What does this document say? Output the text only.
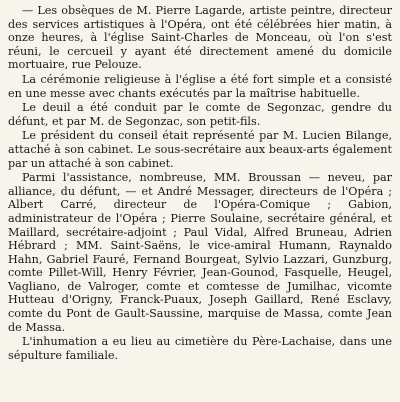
— Les obsèques de M. Pierre Lagarde, artiste peintre, directeur des services artistiques à l'Opéra, ont été célébrées hier matin, à onze heures, à l'église Saint-Charles de Monceau, où l'on s'est réuni, le cercueil y ayant été directement amené du domicile mortuaire, rue Pelouze.

La cérémonie religieuse à l'église a été fort simple et a consisté en une messe avec chants exécutés par la maîtrise habituelle.

Le deuil a été conduit par le comte de Segonzac, gendre du défunt, et par M. de Segonzac, son petit-fils.

Le président du conseil était représenté par M. Lucien Bilange, attaché à son cabinet. Le sous-secrétaire aux beaux-arts également par un attaché à son cabinet.

Parmi l'assistance, nombreuse, MM. Broussan — neveu, par alliance, du défunt, — et André Messager, directeurs de l'Opéra ; Albert Carré, directeur de l'Opéra-Comique ; Gabion, administrateur de l'Opéra ; Pierre Soulaine, secrétaire général, et Maillard, secrétaire-adjoint ; Paul Vidal, Alfred Bruneau, Adrien Hébrard ; MM. Saint-Saëns, le vice-amiral Humann, Raynaldo Hahn, Gabriel Fauré, Fernand Bourgeat, Sylvio Lazzari, Gunzburg, comte Pillet-Will, Henry Février, Jean-Gounod, Fasquelle, Heugel, Vagliano, de Valroger, comte et comtesse de Jumilhac, vicomte Hutteau d'Origny, Franck-Puaux, Joseph Gaillard, René Esclavy, comte du Pont de Gault-Saussine, marquise de Massa, comte Jean de Massa.

L'inhumation a eu lieu au cimetière du Père-Lachaise, dans une sépulture familiale.
